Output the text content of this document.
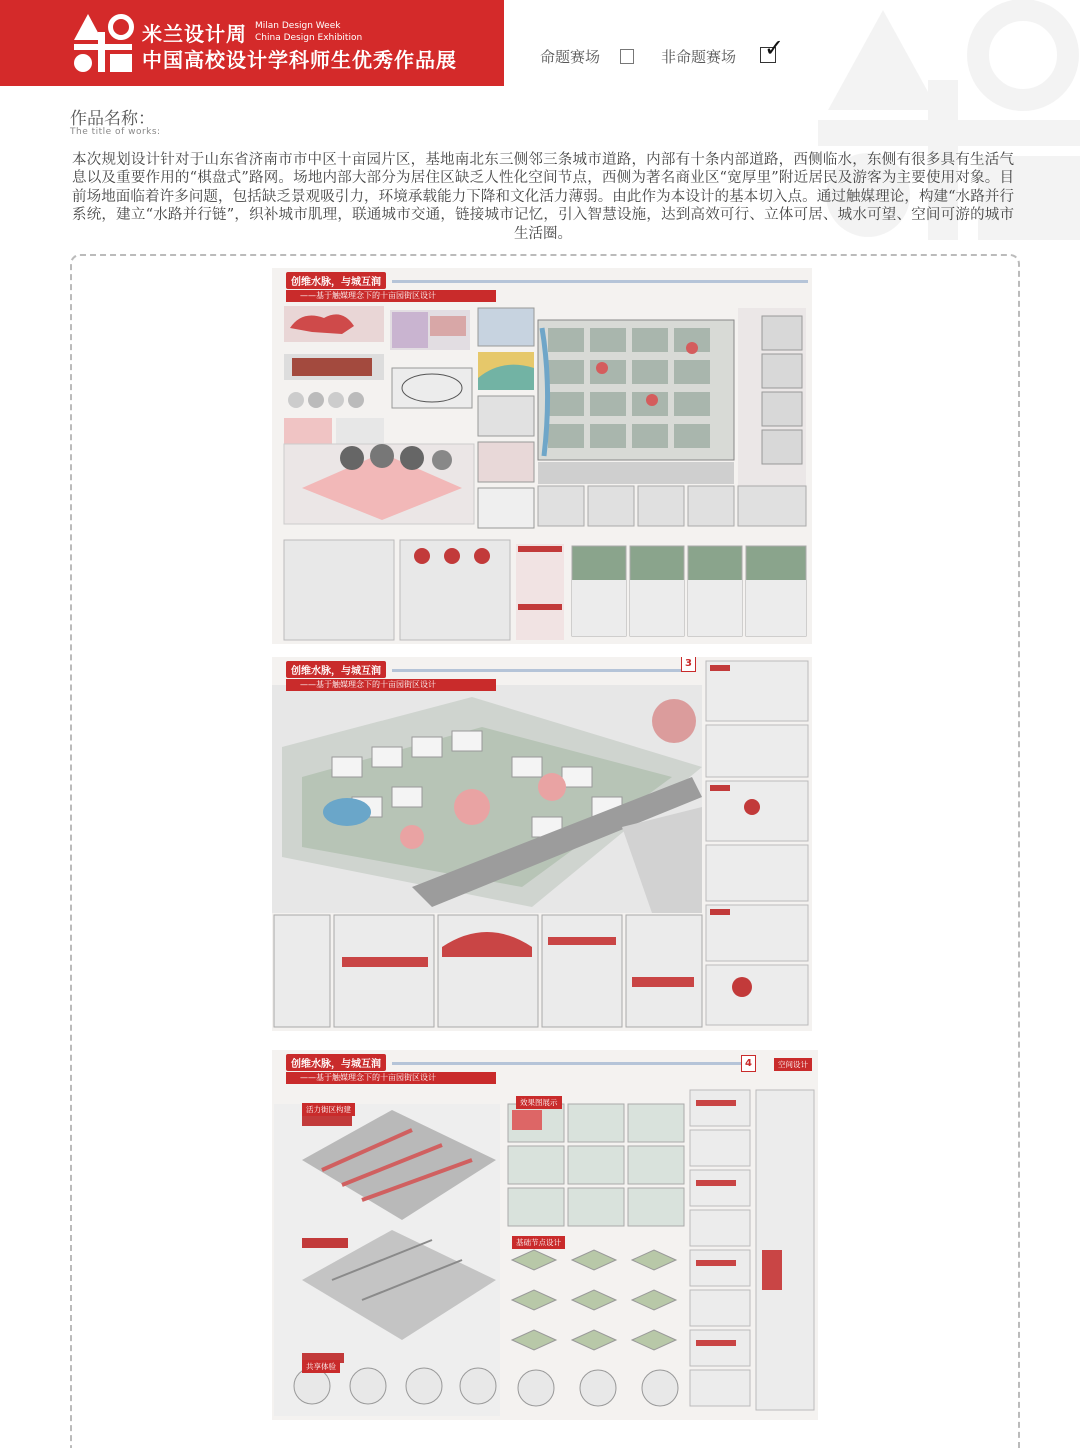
米兰设计周 Milan Design Week
China Design Exhibition
中国高校设计学科师生优秀作品展	命题赛场	非命题赛场 ✓
作品名称：
The title of works:
本次规划设计针对于山东省济南市市中区十亩园片区，基地南北东三侧邻三条城市道路，内部有十条内部道路，西侧临水，东侧有很多具有生活气息以及重要作用的“棋盘式”路网。场地内部大部分为居住区缺乏人性化空间节点，西侧为著名商业区“宽厚里”附近居民及游客为主要使用对象。目前场地面临着许多问题，包括缺乏景观吸引力，环境承载能力下降和文化活力薄弱。由此作为本设计的基本切入点。通过触媒理论，构建“水路并行 系统，建立“水路并行链”，织补城市肌理，联通城市交通，链接城市记忆，引入智慧设施，达到高效可行、立体可居、城水可望、空间可游的城市生活圈。
创维水脉，与城互润
——基于触媒理念下的十亩园街区设计
创维水脉，与城互润
——基于触媒理念下的十亩园街区设计
3
创维水脉，与城互润
——基于触媒理念下的十亩园街区设计
4	空间设计
活力街区构建
效果图展示
基础节点设计
共享体验
